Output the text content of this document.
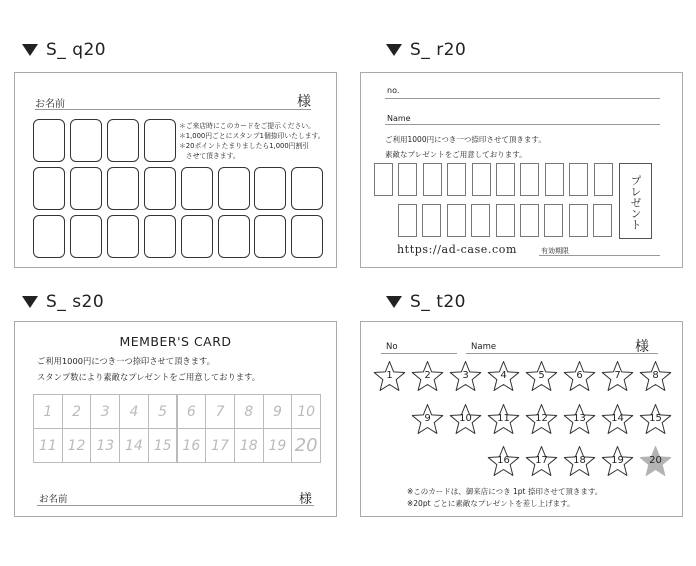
S_ q20	S_ r20
S_ s20	S_ t20
お名前	様
＊ご来店時にこのカードをご提示ください。
＊1,000円ごとにスタンプ1個捺印いたします。
＊20ポイントたまりましたら1,000円割引
　させて頂きます。
no.
Name
ご利用1000円につき一つ捺印させて頂きます。
素敵なプレゼントをご用意しております。
プレゼント
https://ad-case.com	有効期限
MEMBER'S CARD
ご利用1000円につき一つ捺印させて頂きます。
スタンプ数により素敵なプレゼントをご用意しております。
1	2	3	4	5	6	7	8	9	10
11 12 13 14 15 16 17 18 19 20
お名前	様
No	Name	様
1	2	3	4	5	6	7	8
9	10	11	12	13	14	15
16	17	18	19	20
※このカードは、御来店につき 1pt 捺印させて頂きます。
※20pt ごとに素敵なプレゼントを差し上げます。
